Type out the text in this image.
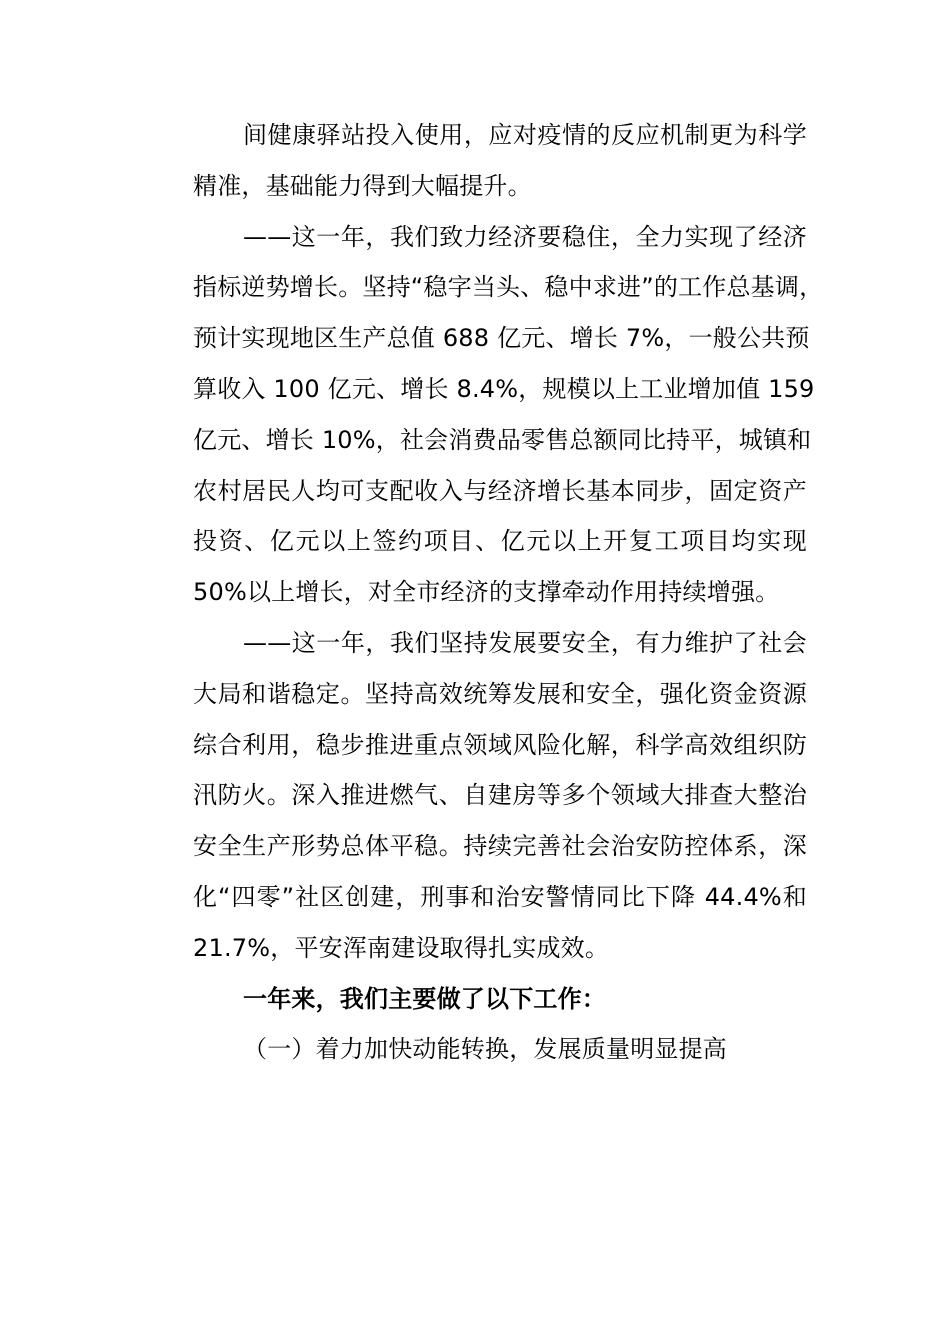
间健康驿站投入使用，应对疫情的反应机制更为科学
精准，基础能力得到大幅提升。
——这一年，我们致力经济要稳住，全力实现了经济
指标逆势增长。坚持“稳字当头、稳中求进”的工作总基调，
预计实现地区生产总值 688 亿元、增长 7%，一般公共预
算收入 100 亿元、增长 8.4%，规模以上工业增加值 159
亿元、增长 10%，社会消费品零售总额同比持平，城镇和
农村居民人均可支配收入与经济增长基本同步，固定资产
投资、亿元以上签约项目、亿元以上开复工项目均实现
50%以上增长，对全市经济的支撑牵动作用持续增强。
——这一年，我们坚持发展要安全，有力维护了社会
大局和谐稳定。坚持高效统筹发展和安全，强化资金资源
综合利用，稳步推进重点领域风险化解，科学高效组织防
汛防火。深入推进燃气、自建房等多个领域大排查大整治
安全生产形势总体平稳。持续完善社会治安防控体系，深
化“四零”社区创建，刑事和治安警情同比下降 44.4%和
21.7%，平安浑南建设取得扎实成效。
一年来，我们主要做了以下工作：
（一）着力加快动能转换，发展质量明显提高
